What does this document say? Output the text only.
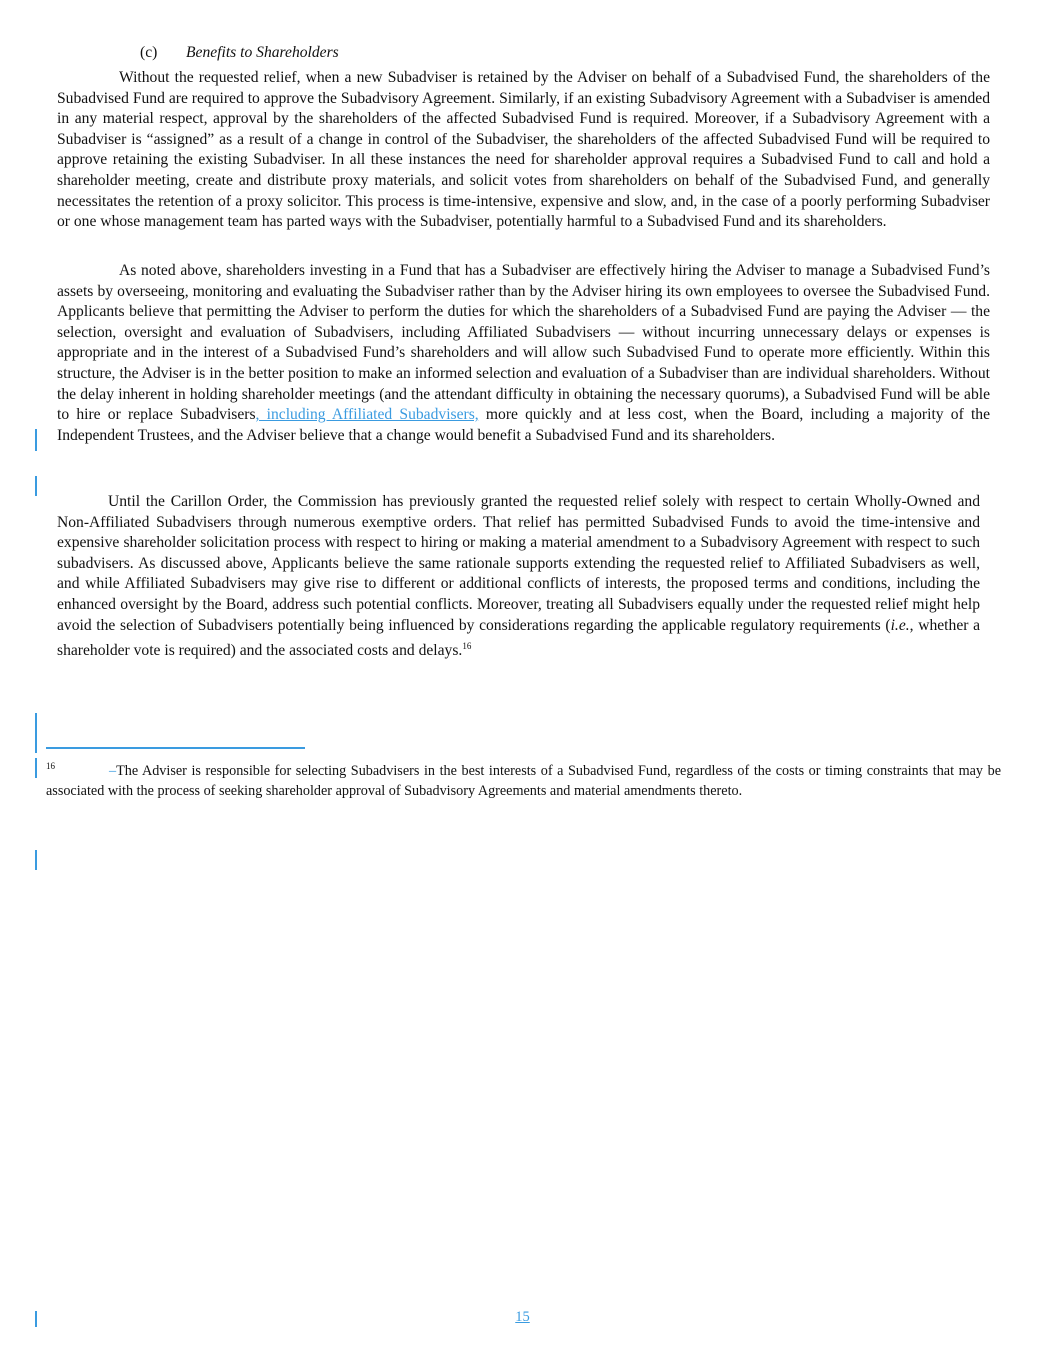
(c) Benefits to Shareholders

Without the requested relief, when a new Subadviser is retained by the Adviser on behalf of a Subadvised Fund, the shareholders of the Subadvised Fund are required to approve the Subadvisory Agreement. Similarly, if an existing Subadvisory Agreement with a Subadviser is amended in any material respect, approval by the shareholders of the affected Subadvised Fund is required. Moreover, if a Subadvisory Agreement with a Subadviser is “assigned” as a result of a change in control of the Subadviser, the shareholders of the affected Subadvised Fund will be required to approve retaining the existing Subadviser. In all these instances the need for shareholder approval requires a Subadvised Fund to call and hold a shareholder meeting, create and distribute proxy materials, and solicit votes from shareholders on behalf of the Subadvised Fund, and generally necessitates the retention of a proxy solicitor. This process is time-intensive, expensive and slow, and, in the case of a poorly performing Subadviser or one whose management team has parted ways with the Subadviser, potentially harmful to a Subadvised Fund and its shareholders.

As noted above, shareholders investing in a Fund that has a Subadviser are effectively hiring the Adviser to manage a Subadvised Fund’s assets by overseeing, monitoring and evaluating the Subadviser rather than by the Adviser hiring its own employees to oversee the Subadvised Fund. Applicants believe that permitting the Adviser to perform the duties for which the shareholders of a Subadvised Fund are paying the Adviser — the selection, oversight and evaluation of Subadvisers, including Affiliated Subadvisers — without incurring unnecessary delays or expenses is appropriate and in the interest of a Subadvised Fund’s shareholders and will allow such Subadvised Fund to operate more efficiently. Within this structure, the Adviser is in the better position to make an informed selection and evaluation of a Subadviser than are individual shareholders. Without the delay inherent in holding shareholder meetings (and the attendant difficulty in obtaining the necessary quorums), a Subadvised Fund will be able to hire or replace Subadvisers, including Affiliated Subadvisers, more quickly and at less cost, when the Board, including a majority of the Independent Trustees, and the Adviser believe that a change would benefit a Subadvised Fund and its shareholders.

Until the Carillon Order, the Commission has previously granted the requested relief solely with respect to certain Wholly-Owned and Non-Affiliated Subadvisers through numerous exemptive orders. That relief has permitted Subadvised Funds to avoid the time-intensive and expensive shareholder solicitation process with respect to hiring or making a material amendment to a Subadvisory Agreement with respect to such subadvisers. As discussed above, Applicants believe the same rationale supports extending the requested relief to Affiliated Subadvisers as well, and while Affiliated Subadvisers may give rise to different or additional conflicts of interests, the proposed terms and conditions, including the enhanced oversight by the Board, address such potential conflicts. Moreover, treating all Subadvisers equally under the requested relief might help avoid the selection of Subadvisers potentially being influenced by considerations regarding the applicable regulatory requirements (i.e., whether a shareholder vote is required) and the associated costs and delays.$^{16}$

$^{16}$	–The Adviser is responsible for selecting Subadvisers in the best interests of a Subadvised Fund, regardless of the costs or timing constraints that may be associated with the process of seeking shareholder approval of Subadvisory Agreements and material amendments thereto.
15
